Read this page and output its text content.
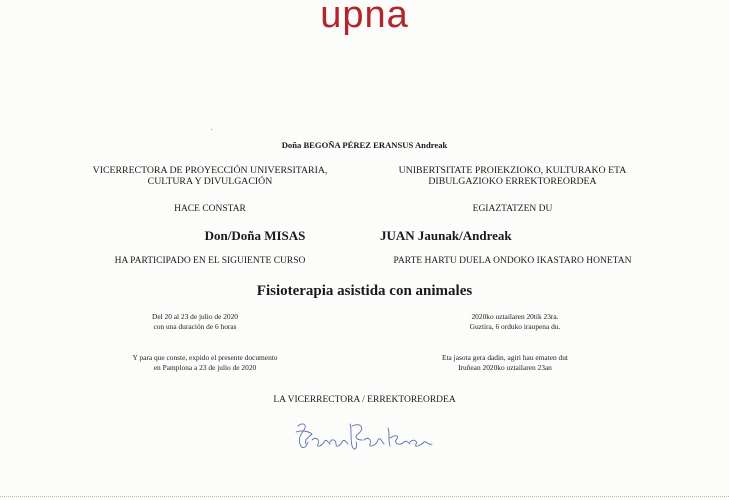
upna
Doña BEGOÑA PÉREZ ERANSUS Andreak
VICERRECTORA DE PROYECCIÓN UNIVERSITARIA,
CULTURA Y DIVULGACIÓN
UNIBERTSITATE PROIEKZIOKO, KULTURAKO ETA
DIBULGAZIOKO ERREKTOREORDEA
HACE CONSTAR	EGIAZTATZEN DU
Don/Doña MISAS	JUAN Jaunak/Andreak
HA PARTICIPADO EN EL SIGUIENTE CURSO	PARTE HARTU DUELA ONDOKO IKASTARO HONETAN
Fisioterapia asistida con animales
Del 20 al 23 de julio de 2020
con una duración de 6 horas
2020ko uztailaren 20tik 23ra.
Guztira, 6 orduko iraupena du.
Y para que conste, expido el presente documento
en Pamplona a 23 de julio de 2020
Eta jasota gera dadin, agiri hau ematen dut
Iruñean 2020ko uztailaren 23an
LA VICERRECTORA / ERREKTOREORDEA
